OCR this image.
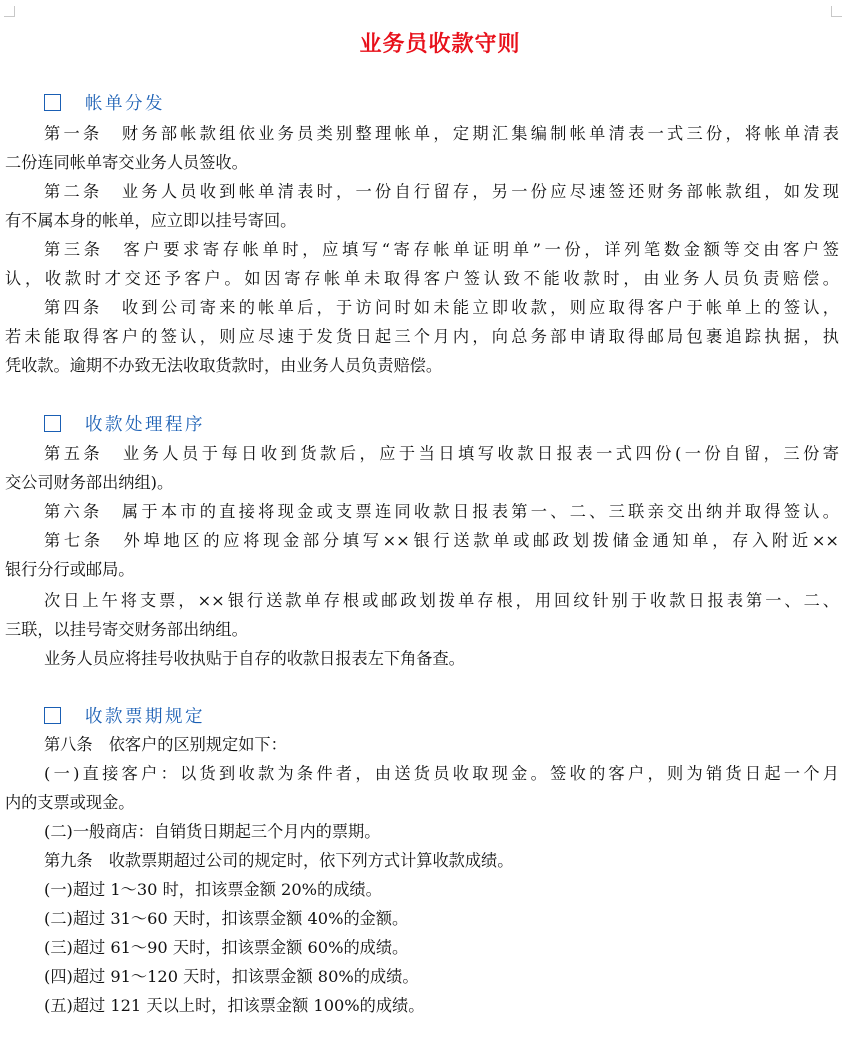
业务员收款守则
帐单分发
第一条　财务部帐款组依业务员类别整理帐单，定期汇集编制帐单清表一式三份，将帐单清表
二份连同帐单寄交业务人员签收。
第二条　业务人员收到帐单清表时，一份自行留存，另一份应尽速签还财务部帐款组，如发现
有不属本身的帐单，应立即以挂号寄回。
第三条　客户要求寄存帐单时，应填写“寄存帐单证明单”一份，详列笔数金额等交由客户签
认，收款时才交还予客户。如因寄存帐单未取得客户签认致不能收款时，由业务人员负责赔偿。
第四条　收到公司寄来的帐单后，于访问时如未能立即收款，则应取得客户于帐单上的签认，
若未能取得客户的签认，则应尽速于发货日起三个月内，向总务部申请取得邮局包裹追踪执据，执
凭收款。逾期不办致无法收取货款时，由业务人员负责赔偿。
收款处理程序
第五条　业务人员于每日收到货款后，应于当日填写收款日报表一式四份(一份自留，三份寄
交公司财务部出纳组)。
第六条　属于本市的直接将现金或支票连同收款日报表第一、二、三联亲交出纳并取得签认。
第七条　外埠地区的应将现金部分填写××银行送款单或邮政划拨储金通知单，存入附近××
银行分行或邮局。
次日上午将支票，××银行送款单存根或邮政划拨单存根，用回纹针别于收款日报表第一、二、
三联，以挂号寄交财务部出纳组。
业务人员应将挂号收执贴于自存的收款日报表左下角备查。
收款票期规定
第八条　依客户的区别规定如下：
(一)直接客户：以货到收款为条件者，由送货员收取现金。签收的客户，则为销货日起一个月
内的支票或现金。
(二)一般商店：自销货日期起三个月内的票期。
第九条　收款票期超过公司的规定时，依下列方式计算收款成绩。
(一)超过 1～30 时，扣该票金额 20%的成绩。
(二)超过 31～60 天时，扣该票金额 40%的金额。
(三)超过 61～90 天时，扣该票金额 60%的成绩。
(四)超过 91～120 天时，扣该票金额 80%的成绩。
(五)超过 121 天以上时，扣该票金额 100%的成绩。
